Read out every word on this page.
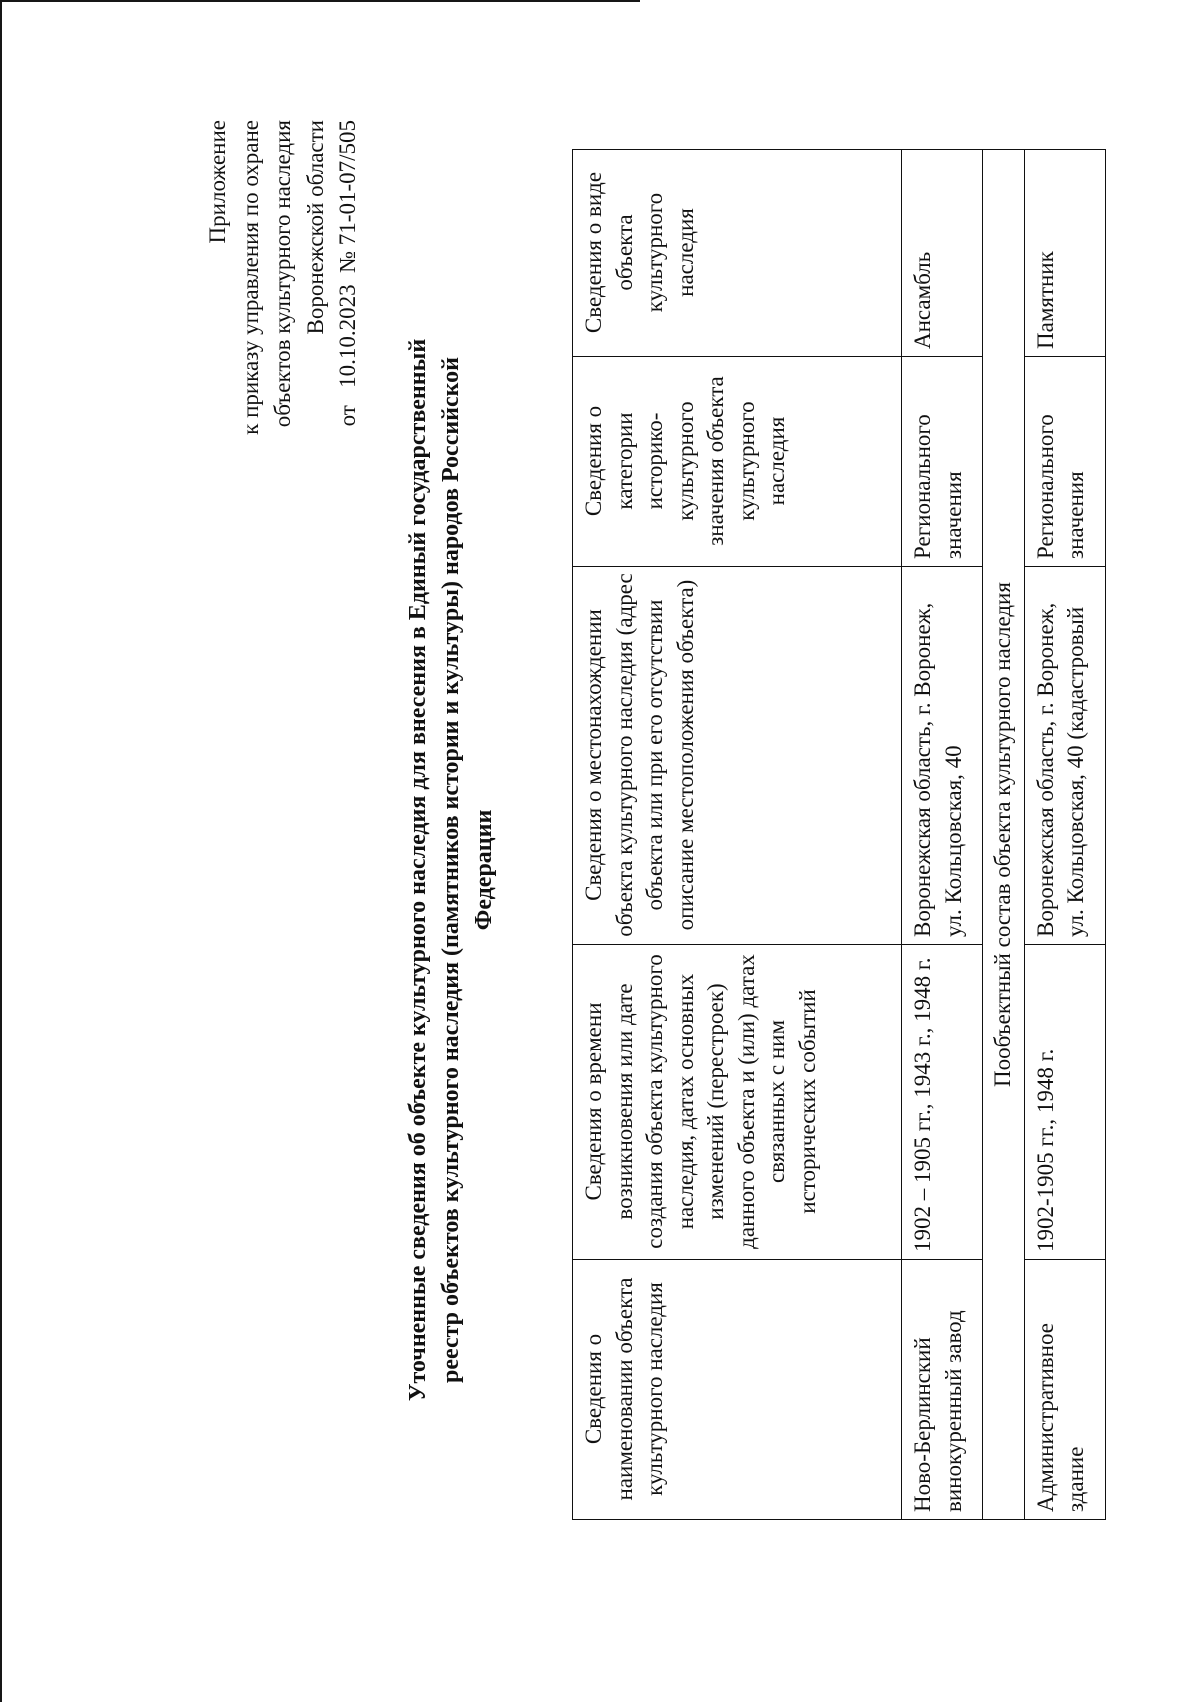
Приложение к приказу управления по охране объектов культурного наследия Воронежской области от   10.10.2023  № 71-01-07/505
Уточненные сведения об объекте культурного наследия для внесения в Единый государственный реестр объектов культурного наследия (памятников истории и культуры) народов Российской Федерации
Сведения о наименовании объекта культурного наследия	Сведения о времени возникновения или дате создания объекта культурного наследия, датах основных изменений (перестроек) данного объекта и (или) датах связанных с ним исторических событий	Сведения о местонахождении объекта культурного наследия (адрес объекта или при его отсутствии описание местоположения объекта)	Сведения о категории историко-культурного значения объекта культурного наследия	Сведения о виде объекта культурного наследия
Ново-Берлинский винокуренный завод	1902 – 1905 гг., 1943 г., 1948 г.	Воронежская область, г. Воронеж, ул. Кольцовская, 40	Регионального значения	Ансамбль
Пообъектный состав объекта культурного наследия				
Административное здание	1902-1905 гг., 1948 г.	Воронежская область, г. Воронеж, ул. Кольцовская, 40 (кадастровый	Регионального значения	Памятник
